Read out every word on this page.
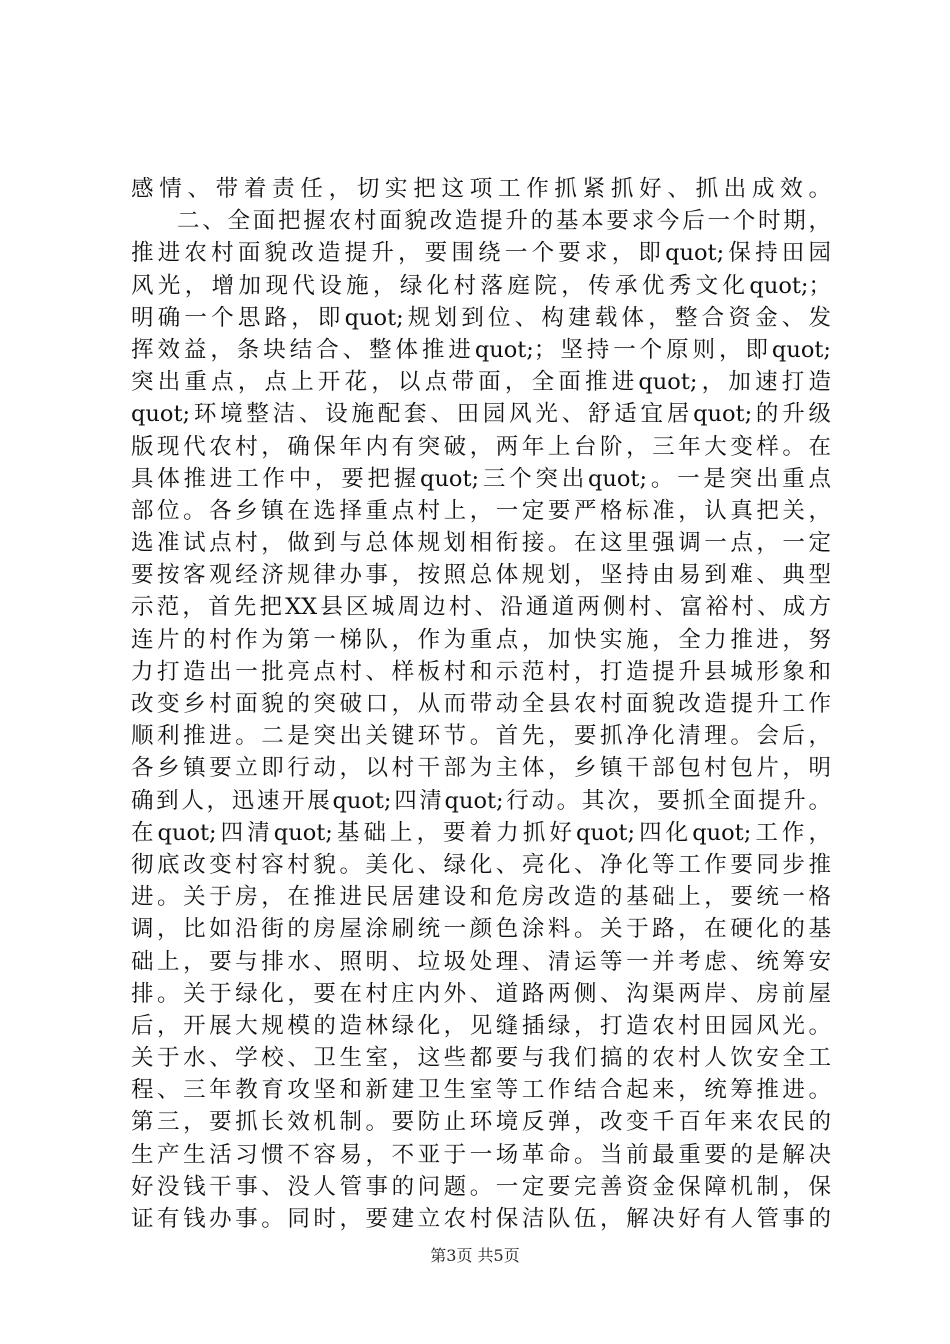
感情、带着责任，切实把这项工作抓紧抓好、抓出成效。
二、全面把握农村面貌改造提升的基本要求今后一个时期，
推进农村面貌改造提升，要围绕一个要求，即quot;保持田园
风光，增加现代设施，绿化村落庭院，传承优秀文化quot;；
明确一个思路，即quot;规划到位、构建载体，整合资金、发
挥效益，条块结合、整体推进quot;；坚持一个原则，即quot;
突出重点，点上开花，以点带面，全面推进quot;，加速打造
quot;环境整洁、设施配套、田园风光、舒适宜居quot;的升级
版现代农村，确保年内有突破，两年上台阶，三年大变样。在
具体推进工作中，要把握quot;三个突出quot;。一是突出重点
部位。各乡镇在选择重点村上，一定要严格标准，认真把关，
选准试点村，做到与总体规划相衔接。在这里强调一点，一定
要按客观经济规律办事，按照总体规划，坚持由易到难、典型
示范，首先把XX县区城周边村、沿通道两侧村、富裕村、成方
连片的村作为第一梯队，作为重点，加快实施，全力推进，努
力打造出一批亮点村、样板村和示范村，打造提升县城形象和
改变乡村面貌的突破口，从而带动全县农村面貌改造提升工作
顺利推进。二是突出关键环节。首先，要抓净化清理。会后，
各乡镇要立即行动，以村干部为主体，乡镇干部包村包片，明
确到人，迅速开展quot;四清quot;行动。其次，要抓全面提升。
在quot;四清quot;基础上，要着力抓好quot;四化quot;工作，
彻底改变村容村貌。美化、绿化、亮化、净化等工作要同步推
进。关于房，在推进民居建设和危房改造的基础上，要统一格
调，比如沿街的房屋涂刷统一颜色涂料。关于路，在硬化的基
础上，要与排水、照明、垃圾处理、清运等一并考虑、统筹安
排。关于绿化，要在村庄内外、道路两侧、沟渠两岸、房前屋
后，开展大规模的造林绿化，见缝插绿，打造农村田园风光。
关于水、学校、卫生室，这些都要与我们搞的农村人饮安全工
程、三年教育攻坚和新建卫生室等工作结合起来，统筹推进。
第三，要抓长效机制。要防止环境反弹，改变千百年来农民的
生产生活习惯不容易，不亚于一场革命。当前最重要的是解决
好没钱干事、没人管事的问题。一定要完善资金保障机制，保
证有钱办事。同时，要建立农村保洁队伍，解决好有人管事的
第3页 共5页
